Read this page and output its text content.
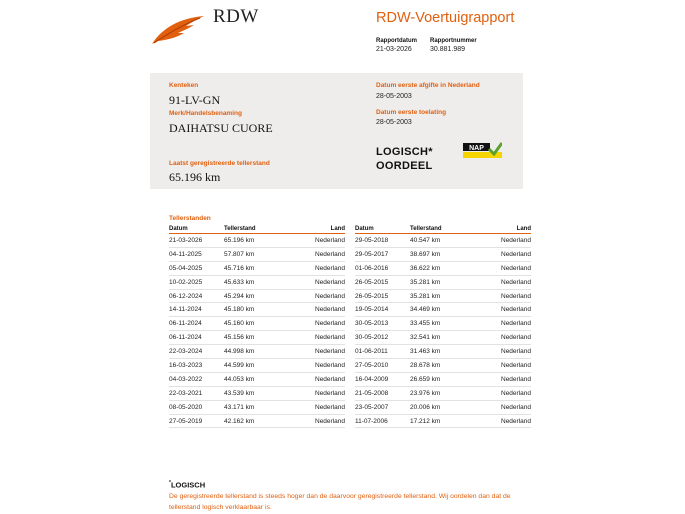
RDW	RDW-Voertuigrapport
Rapportdatum
21-03-2026
Rapportnummer
30.881.989
Kenteken
91-LV-GN
Merk/Handelsbenaming
DAIHATSU CUORE
Laatst geregistreerde tellerstand
65.196 km
Datum eerste afgifte in Nederland
28-05-2003
Datum eerste toelating
28-05-2003
LOGISCH*
OORDEEL
NAP
Tellerstanden
Datum	Tellerstand	Land
21-03-2026	65.196 km	Nederland
04-11-2025	57.807 km	Nederland
05-04-2025	45.716 km	Nederland
10-02-2025	45.633 km	Nederland
06-12-2024	45.294 km	Nederland
14-11-2024	45.180 km	Nederland
06-11-2024	45.160 km	Nederland
06-11-2024	45.156 km	Nederland
22-03-2024	44.998 km	Nederland
16-03-2023	44.599 km	Nederland
04-03-2022	44.053 km	Nederland
22-03-2021	43.539 km	Nederland
08-05-2020	43.171 km	Nederland
27-05-2019	42.162 km	Nederland
Datum	Tellerstand	Land
29-05-2018	40.547 km	Nederland
29-05-2017	38.697 km	Nederland
01-06-2016	36.622 km	Nederland
26-05-2015	35.281 km	Nederland
26-05-2015	35.281 km	Nederland
19-05-2014	34.469 km	Nederland
30-05-2013	33.455 km	Nederland
30-05-2012	32.541 km	Nederland
01-06-2011	31.463 km	Nederland
27-05-2010	28.678 km	Nederland
16-04-2009	26.659 km	Nederland
21-05-2008	23.976 km	Nederland
23-05-2007	20.006 km	Nederland
11-07-2006	17.212 km	Nederland
*LOGISCH
De geregistreerde tellerstand is steeds hoger dan de daarvoor geregistreerde tellerstand. Wij oordelen dan dat de tellerstand logisch verklaarbaar is.
